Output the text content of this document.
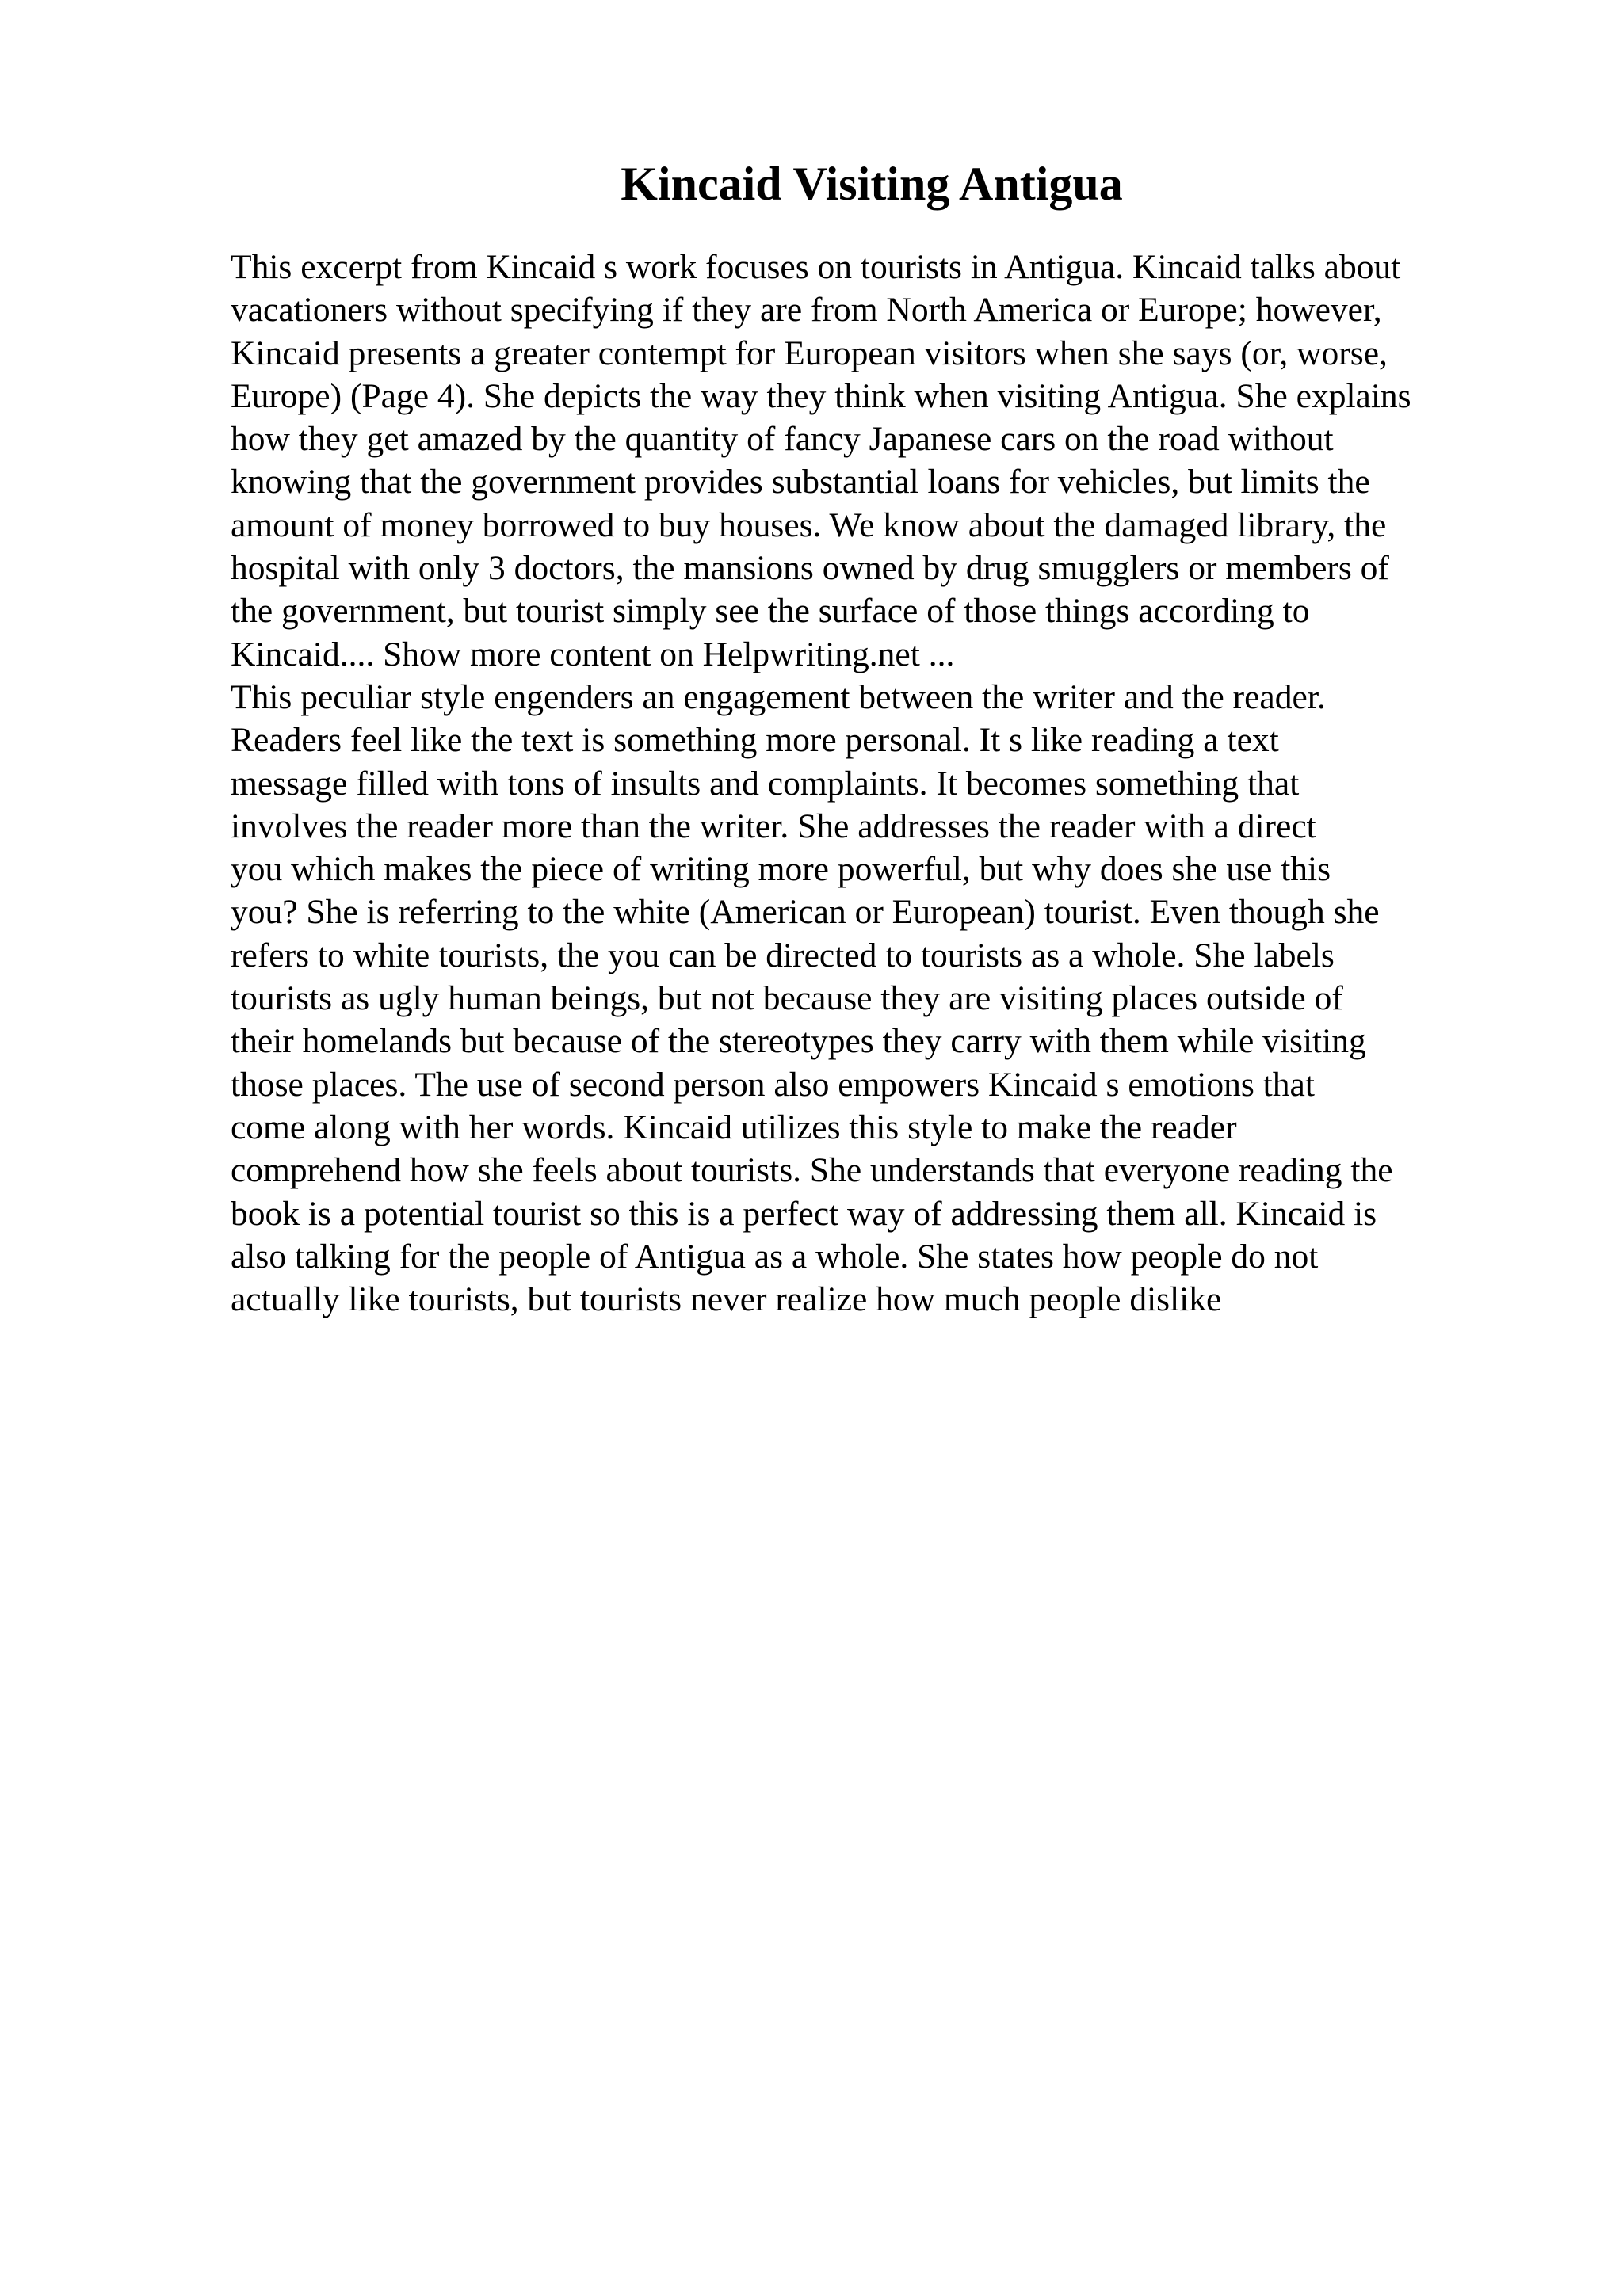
Kincaid Visiting Antigua
This excerpt from Kincaid s work focuses on tourists in Antigua. Kincaid talks about
vacationers without specifying if they are from North America or Europe; however,
Kincaid presents a greater contempt for European visitors when she says (or, worse,
Europe) (Page 4). She depicts the way they think when visiting Antigua. She explains
how they get amazed by the quantity of fancy Japanese cars on the road without
knowing that the government provides substantial loans for vehicles, but limits the
amount of money borrowed to buy houses. We know about the damaged library, the
hospital with only 3 doctors, the mansions owned by drug smugglers or members of
the government, but tourist simply see the surface of those things according to
Kincaid.... Show more content on Helpwriting.net ...
This peculiar style engenders an engagement between the writer and the reader.
Readers feel like the text is something more personal. It s like reading a text
message filled with tons of insults and complaints. It becomes something that
involves the reader more than the writer. She addresses the reader with a direct
you which makes the piece of writing more powerful, but why does she use this
you? She is referring to the white (American or European) tourist. Even though she
refers to white tourists, the you can be directed to tourists as a whole. She labels
tourists as ugly human beings, but not because they are visiting places outside of
their homelands but because of the stereotypes they carry with them while visiting
those places. The use of second person also empowers Kincaid s emotions that
come along with her words. Kincaid utilizes this style to make the reader
comprehend how she feels about tourists. She understands that everyone reading the
book is a potential tourist so this is a perfect way of addressing them all. Kincaid is
also talking for the people of Antigua as a whole. She states how people do not
actually like tourists, but tourists never realize how much people dislike
